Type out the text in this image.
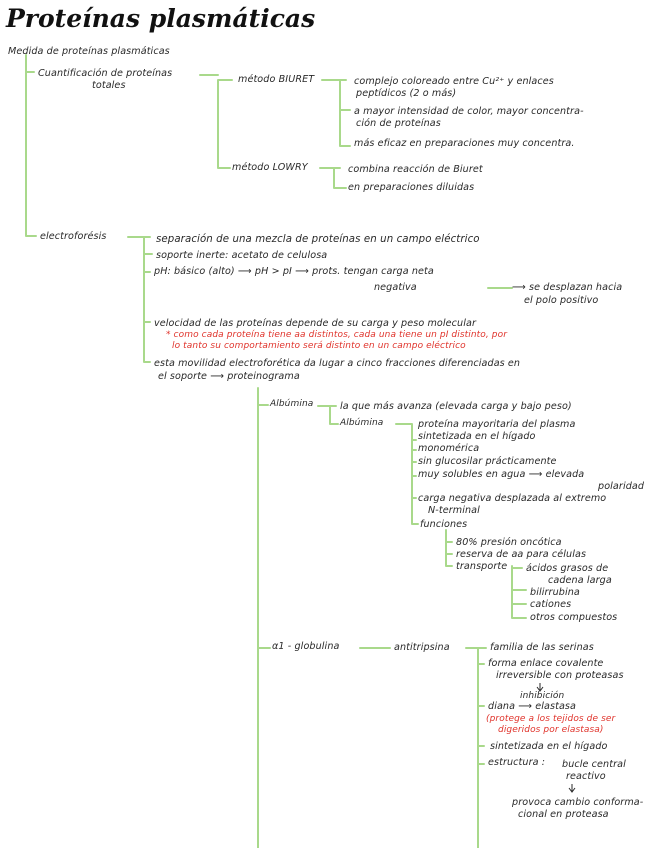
Proteínas plasmáticas
Medida de proteínas plasmáticas
Cuantificación de proteínas
totales
método BIURET	complejo coloreado entre Cu²⁺ y enlaces
peptídicos (2 o más)
a mayor intensidad de color, mayor concentra-
ción de proteínas
más eficaz en preparaciones muy concentra.
método LOWRY	combina reacción de Biuret
en preparaciones diluidas
electroforésis	separación de una mezcla de proteínas en un campo eléctrico
soporte inerte: acetato de celulosa
pH: básico (alto) ⟶ pH > pI ⟶ prots. tengan carga neta
negativa	⟶ se desplazan hacia
el polo positivo
velocidad de las proteínas depende de su carga y peso molecular
* como cada proteína tiene aa distintos, cada una tiene un pI distinto, por
lo tanto su comportamiento será distinto en un campo eléctrico
esta movilidad electroforética da lugar a cinco fracciones diferenciadas en
el soporte ⟶ proteinograma
Albúmina	la que más avanza (elevada carga y bajo peso)
Albúmina	proteína mayoritaria del plasma
sintetizada en el hígado
monomérica
sin glucosilar prácticamente
muy solubles en agua ⟶ elevada
polaridad
carga negativa desplazada al extremo
N-terminal
funciones
80% presión oncótica
reserva de aa para células
transporte ácidos grasos de
cadena larga
bilirrubina
cationes
otros compuestos
α1 - globulina	antitripsina	familia de las serinas
forma enlace covalente
irreversible con proteasas
inhibición
diana ⟶ elastasa
(protege a los tejidos de ser
digeridos por elastasa)
sintetizada en el hígado
estructura : bucle central
reactivo
provoca cambio conforma-
cional en proteasa
